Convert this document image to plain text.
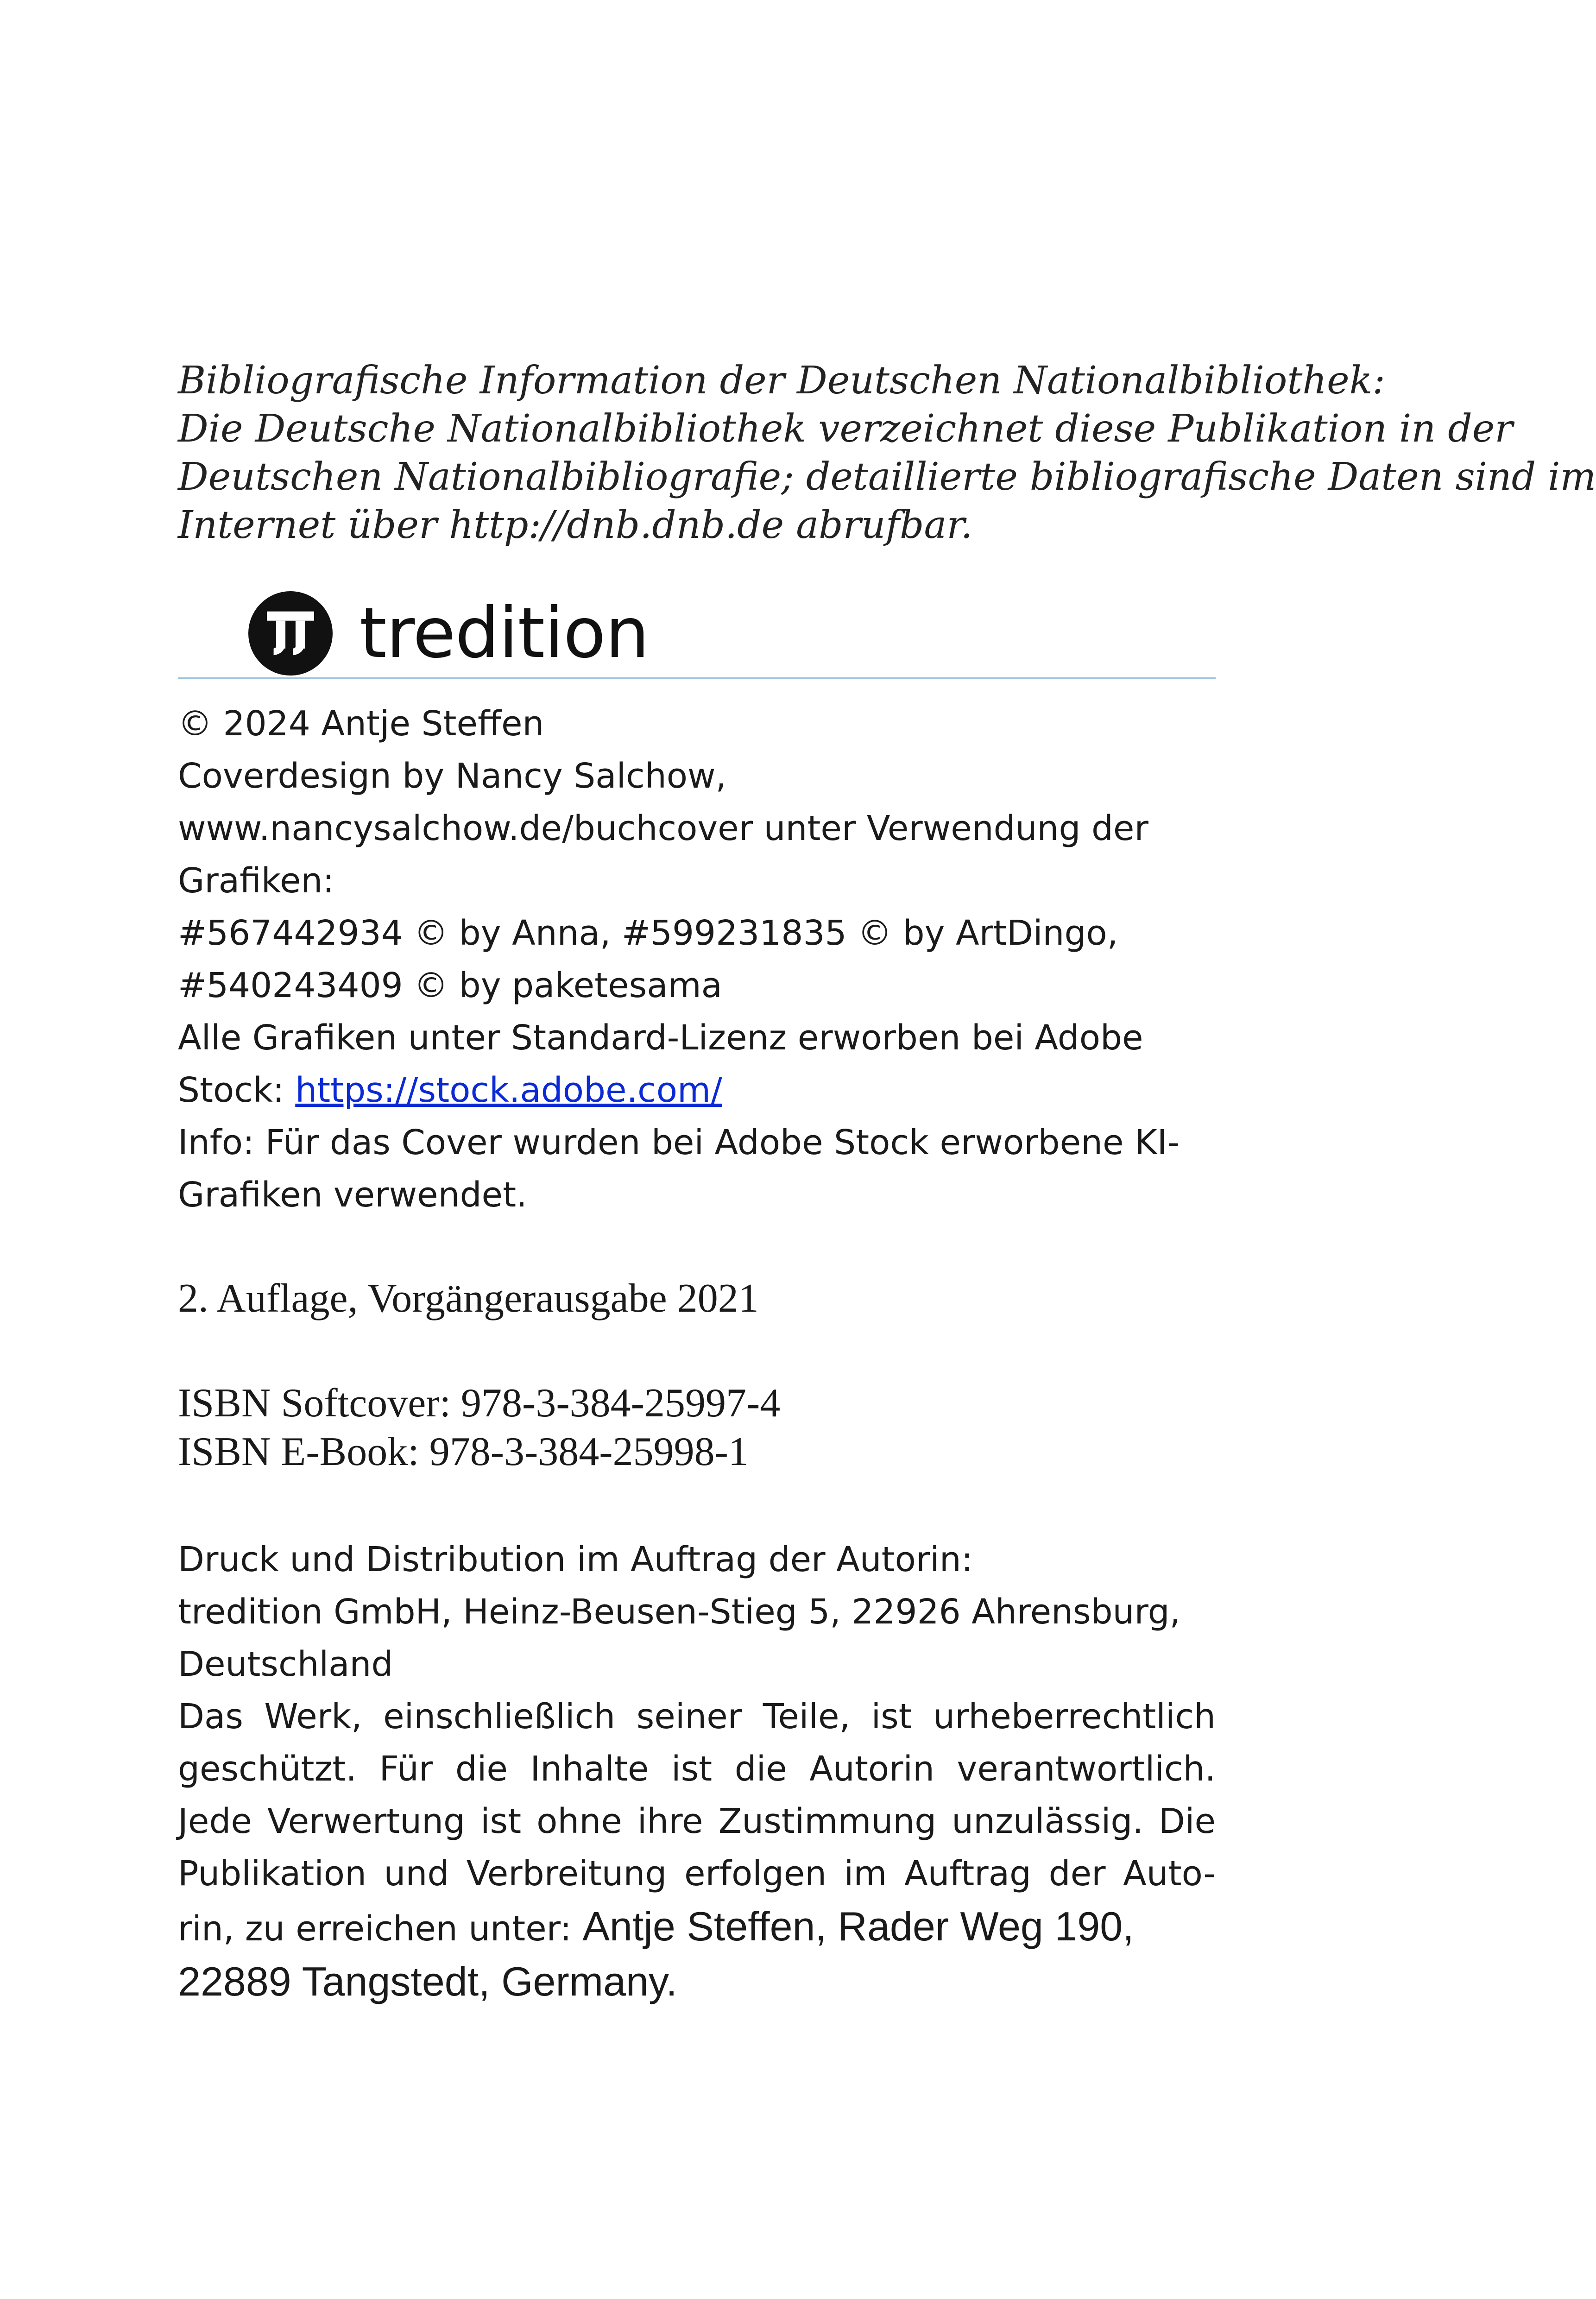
Bibliografische Information der Deutschen Nationalbibliothek:
Die Deutsche Nationalbibliothek verzeichnet diese Publikation in der
Deutschen Nationalbibliografie; detaillierte bibliografische Daten sind im
Internet über http://dnb.dnb.de abrufbar.
tredition
© 2024 Antje Steffen
Coverdesign by Nancy Salchow,
www.nancysalchow.de/buchcover unter Verwendung der
Grafiken:
#567442934 © by Anna, #599231835 © by ArtDingo,
#540243409 © by paketesama
Alle Grafiken unter Standard-Lizenz erworben bei Adobe
Stock: https://stock.adobe.com/
Info: Für das Cover wurden bei Adobe Stock erworbene KI-
Grafiken verwendet.
2. Auflage, Vorgängerausgabe 2021
ISBN Softcover: 978-3-384-25997-4
ISBN E-Book: 978-3-384-25998-1
Druck und Distribution im Auftrag der Autorin:
tredition GmbH, Heinz-Beusen-Stieg 5, 22926 Ahrensburg,
Deutschland
Das Werk, einschließlich seiner Teile, ist urheberrechtlich
geschützt. Für die Inhalte ist die Autorin verantwortlich.
Jede Verwertung ist ohne ihre Zustimmung unzulässig. Die
Publikation und Verbreitung erfolgen im Auftrag der Auto-
rin, zu erreichen unter: Antje Steffen, Rader Weg 190,
22889 Tangstedt, Germany.
